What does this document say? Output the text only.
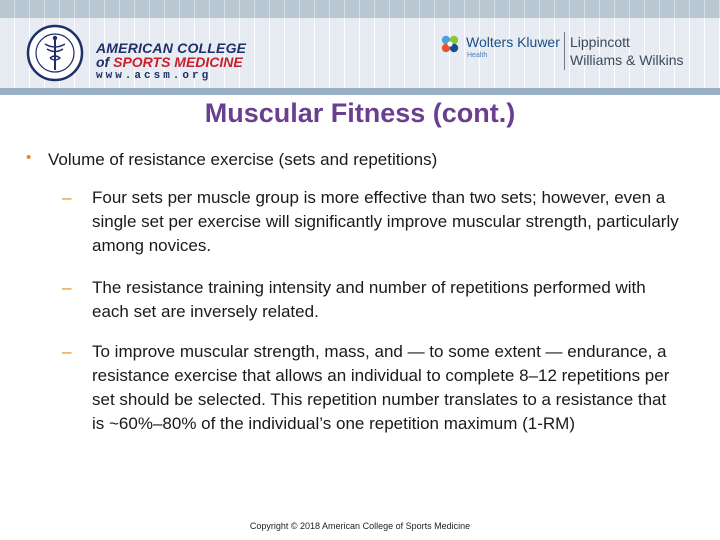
AMERICAN COLLEGE
of SPORTS MEDICINE
www.acsm.org
Wolters Kluwer
Health
Lippincott
Williams & Wilkins
Muscular Fitness (cont.)
• Volume of resistance exercise (sets and repetitions)
– Four sets per muscle group is more effective than two sets; however, even a single set per exercise will significantly improve muscular strength, particularly among novices.
– The resistance training intensity and number of repetitions performed with each set are inversely related.
– To improve muscular strength, mass, and — to some extent — endurance, a resistance exercise that allows an individual to complete 8–12 repetitions per set should be selected. This repetition number translates to a resistance that is ~60%–80% of the individual’s one repetition maximum (1-RM)
Copyright © 2018 American College of Sports Medicine
